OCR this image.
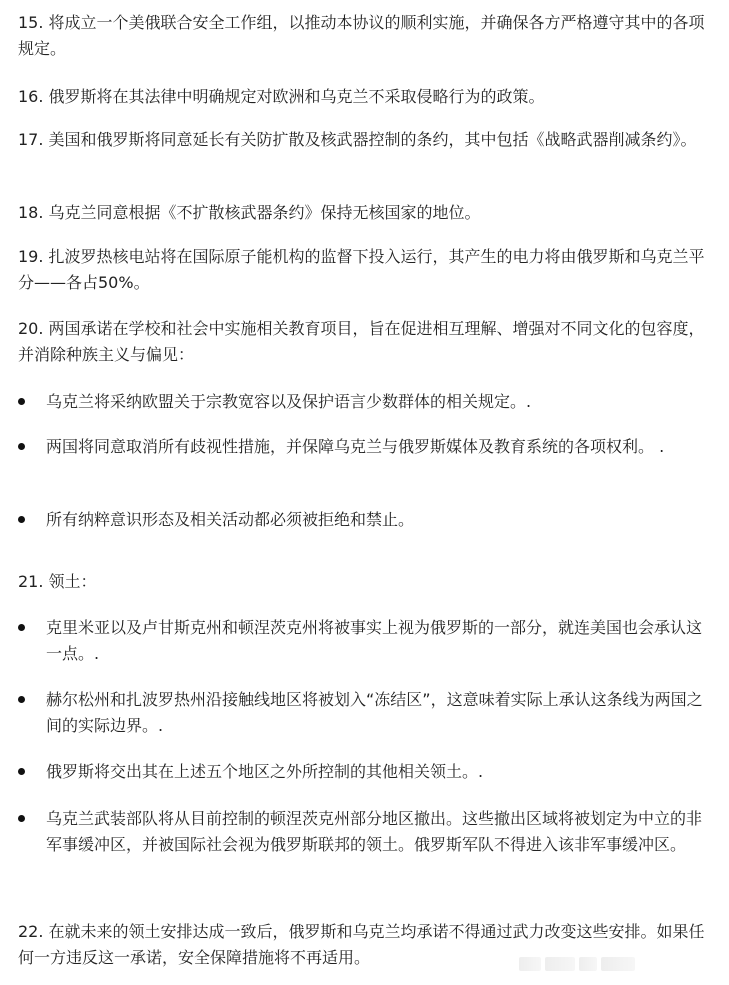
15. 将成立一个美俄联合安全工作组，以推动本协议的顺利实施，并确保各方严格遵守其中的各项规定。

16. 俄罗斯将在其法律中明确规定对欧洲和乌克兰不采取侵略行为的政策。

17. 美国和俄罗斯将同意延长有关防扩散及核武器控制的条约，其中包括《战略武器削减条约》。

18. 乌克兰同意根据《不扩散核武器条约》保持无核国家的地位。

19. 扎波罗热核电站将在国际原子能机构的监督下投入运行，其产生的电力将由俄罗斯和乌克兰平分——各占50%。

20. 两国承诺在学校和社会中实施相关教育项目，旨在促进相互理解、增强对不同文化的包容度，并消除种族主义与偏见：

乌克兰将采纳欧盟关于宗教宽容以及保护语言少数群体的相关规定。.

两国将同意取消所有歧视性措施，并保障乌克兰与俄罗斯媒体及教育系统的各项权利。 .

所有纳粹意识形态及相关活动都必须被拒绝和禁止。

21. 领土：

克里米亚以及卢甘斯克州和顿涅茨克州将被事实上视为俄罗斯的一部分，就连美国也会承认这一点。.

赫尔松州和扎波罗热州沿接触线地区将被划入“冻结区”，这意味着实际上承认这条线为两国之间的实际边界。.

俄罗斯将交出其在上述五个地区之外所控制的其他相关领土。.

乌克兰武装部队将从目前控制的顿涅茨克州部分地区撤出。这些撤出区域将被划定为中立的非军事缓冲区，并被国际社会视为俄罗斯联邦的领土。俄罗斯军队不得进入该非军事缓冲区。

22. 在就未来的领土安排达成一致后，俄罗斯和乌克兰均承诺不得通过武力改变这些安排。如果任何一方违反这一承诺，安全保障措施将不再适用。
